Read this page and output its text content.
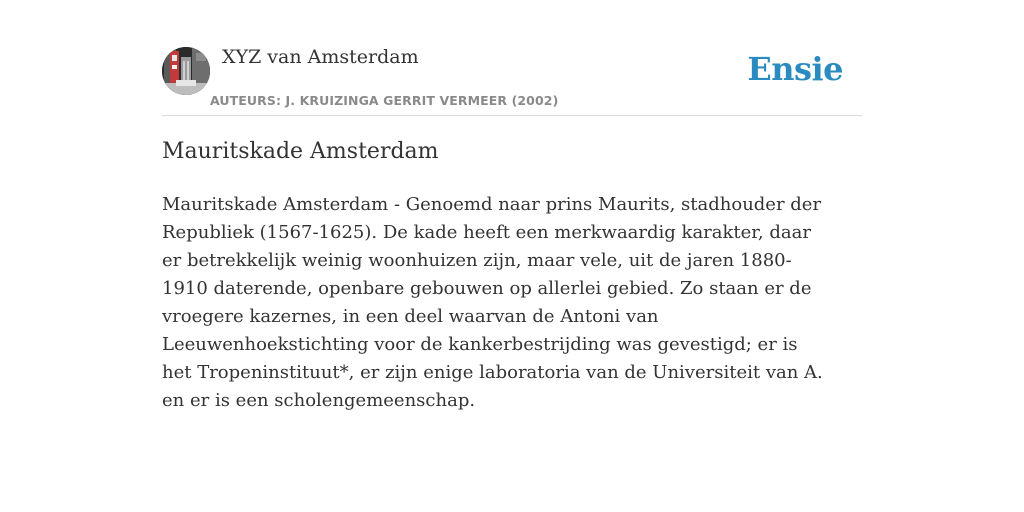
XYZ van Amsterdam
AUTEURS: J. KRUIZINGA GERRIT VERMEER (2002)
Ensie
Mauritskade Amsterdam

Mauritskade Amsterdam - Genoemd naar prins Maurits, stadhouder der Republiek (1567-1625). De kade heeft een merkwaardig karakter, daar er betrekkelijk weinig woonhuizen zijn, maar vele, uit de jaren 1880-1910 daterende, openbare gebouwen op allerlei gebied. Zo staan er de vroegere kazernes, in een deel waarvan de Antoni van Leeuwenhoekstichting voor de kankerbestrijding was gevestigd; er is het Tropeninstituut*, er zijn enige laboratoria van de Universiteit van A. en er is een scholengemeenschap.
